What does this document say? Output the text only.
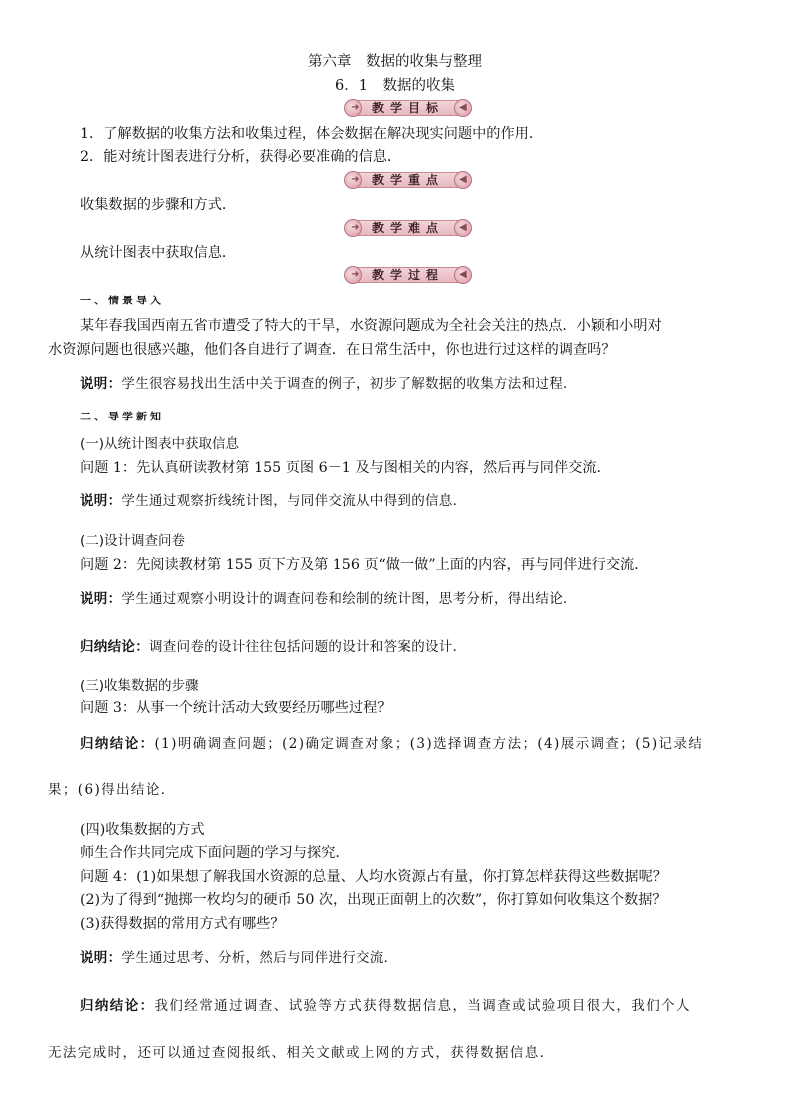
第六章　数据的收集与整理
6．1　数据的收集
➜	◀
教学目标
1．了解数据的收集方法和收集过程，体会数据在解决现实问题中的作用．
2．能对统计图表进行分析，获得必要准确的信息．
➜	◀
教学重点
收集数据的步骤和方式．
➜	◀
教学难点
从统计图表中获取信息．
➜	◀
教学过程
一、情景导入
某年春我国西南五省市遭受了特大的干旱，水资源问题成为全社会关注的热点．小颖和小明对
水资源问题也很感兴趣，他们各自进行了调查．在日常生活中，你也进行过这样的调查吗？
说明：学生很容易找出生活中关于调查的例子，初步了解数据的收集方法和过程．
二、导学新知
(一)从统计图表中获取信息
问题 1：先认真研读教材第 155 页图 6－1 及与图相关的内容，然后再与同伴交流．
说明：学生通过观察折线统计图，与同伴交流从中得到的信息．
(二)设计调查问卷
问题 2：先阅读教材第 155 页下方及第 156 页“做一做”上面的内容，再与同伴进行交流．
说明：学生通过观察小明设计的调查问卷和绘制的统计图，思考分析，得出结论．
归纳结论：调查问卷的设计往往包括问题的设计和答案的设计．
(三)收集数据的步骤
问题 3：从事一个统计活动大致要经历哪些过程？
归纳结论：(1)明确调查问题；(2)确定调查对象；(3)选择调查方法；(4)展示调查；(5)记录结
果；(6)得出结论．
(四)收集数据的方式
师生合作共同完成下面问题的学习与探究．
问题 4：(1)如果想了解我国水资源的总量、人均水资源占有量，你打算怎样获得这些数据呢？
(2)为了得到“抛掷一枚均匀的硬币 50 次，出现正面朝上的次数”，你打算如何收集这个数据？
(3)获得数据的常用方式有哪些？
说明：学生通过思考、分析，然后与同伴进行交流．
归纳结论：我们经常通过调查、试验等方式获得数据信息，当调查或试验项目很大，我们个人
无法完成时，还可以通过查阅报纸、相关文献或上网的方式，获得数据信息．
